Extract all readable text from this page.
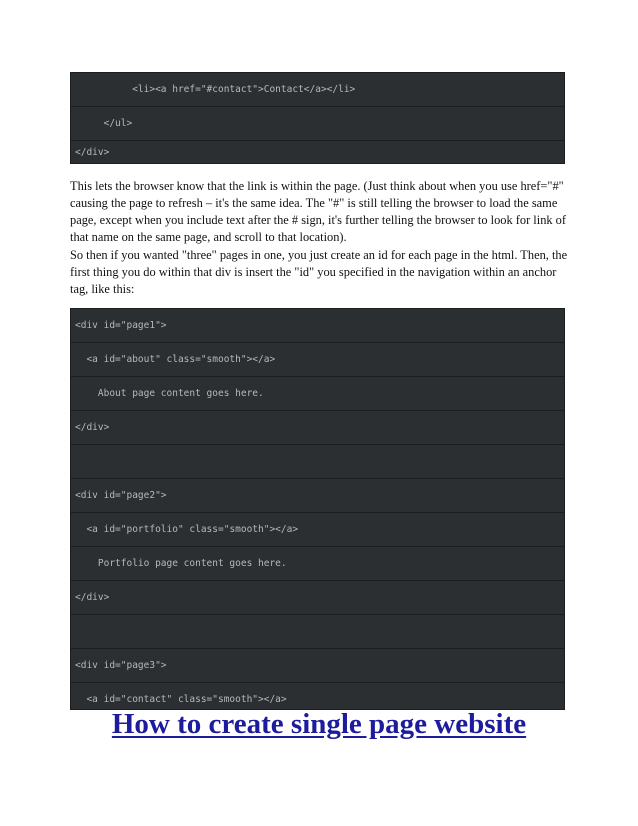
<li><a href="#contact">Contact</a></li>
</ul>
</div>

This lets the browser know that the link is within the page. (Just think about when you use href="#" causing the page to refresh – it's the same idea. The "#" is still telling the browser to load the same page, except when you include text after the # sign, it's further telling the browser to look for link of that name on the same page, and scroll to that location).

So then if you wanted "three" pages in one, you just create an id for each page in the html. Then, the first thing you do within that div is insert the "id" you specified in the navigation within an anchor tag, like this:

<div id="page1">
<a id="about" class="smooth"></a>
About page content goes here.
</div>
<div id="page2">
<a id="portfolio" class="smooth"></a>
Portfolio page content goes here.
</div>
<div id="page3">
<a id="contact" class="smooth"></a>
How to create single page website
